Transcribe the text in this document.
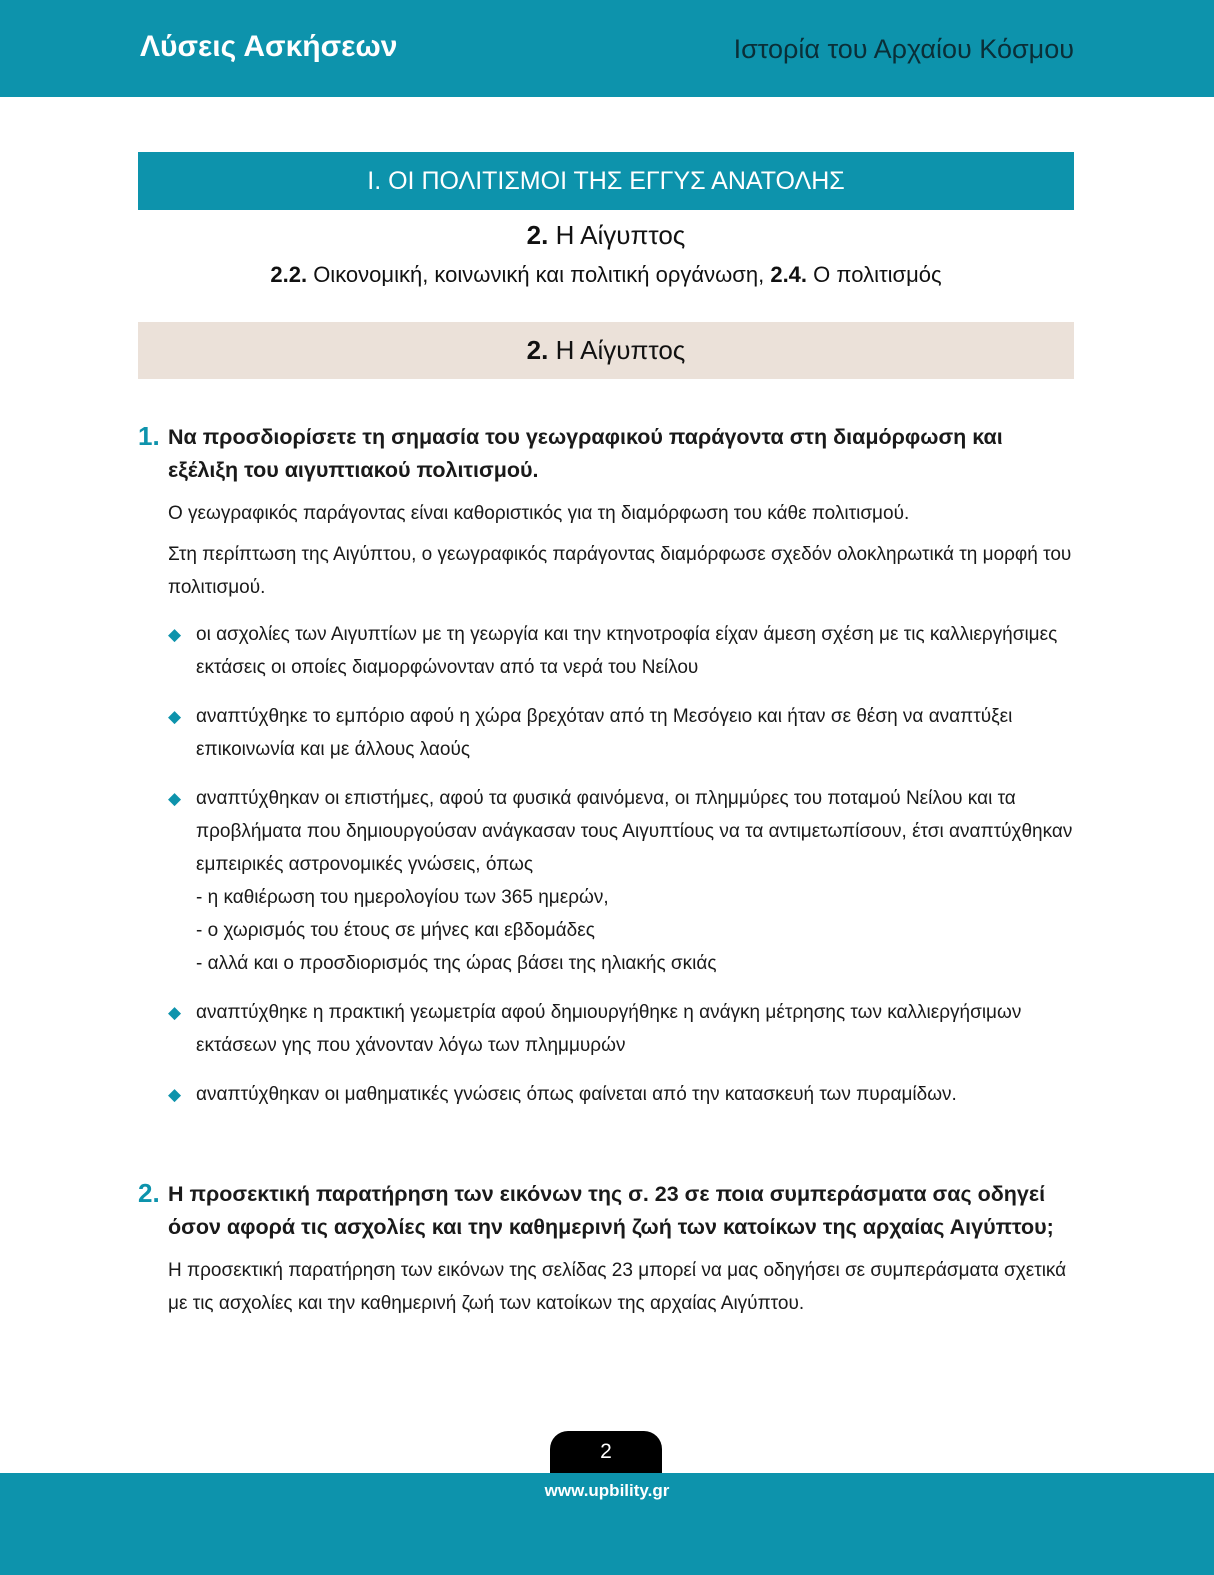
Λύσεις Ασκήσεων	Ιστορία του Αρχαίου Κόσμου
I. ΟΙ ΠΟΛΙΤΙΣΜΟΙ ΤΗΣ ΕΓΓΥΣ ΑΝΑΤΟΛΗΣ
2. Η Αίγυπτος
2.2. Οικονομική, κοινωνική και πολιτική οργάνωση, 2.4. Ο πολιτισμός
2.
Η Αίγυπτος
1. Να προσδιορίσετε τη σημασία του γεωγραφικού παράγοντα στη διαμόρφωση και εξέλιξη του αιγυπτιακού πολιτισμού.
Ο γεωγραφικός παράγοντας είναι καθοριστικός για τη διαμόρφωση του κάθε πολιτισμού.
Στη περίπτωση της Αιγύπτου, ο γεωγραφικός παράγοντας διαμόρφωσε σχεδόν ολοκληρωτικά τη μορφή του πολιτισμού.
◆ οι ασχολίες των Αιγυπτίων με τη γεωργία και την κτηνοτροφία είχαν άμεση σχέση με τις καλλιεργήσιμες εκτάσεις οι οποίες διαμορφώνονταν από τα νερά του Νείλου
◆ αναπτύχθηκε το εμπόριο αφού η χώρα βρεχόταν από τη Μεσόγειο και ήταν σε θέση να αναπτύξει επικοινωνία και με άλλους λαούς
◆ αναπτύχθηκαν οι επιστήμες, αφού τα φυσικά φαινόμενα, οι πλημμύρες του ποταμού Νείλου και τα προβλήματα που δημιουργούσαν ανάγκασαν τους Αιγυπτίους να τα αντιμετωπίσουν, έτσι αναπτύχθηκαν εμπειρικές αστρονομικές γνώσεις, όπως
- η καθιέρωση του ημερολογίου των 365 ημερών,
- ο χωρισμός του έτους σε μήνες και εβδομάδες
- αλλά και ο προσδιορισμός της ώρας βάσει της ηλιακής σκιάς
◆ αναπτύχθηκε η πρακτική γεωμετρία αφού δημιουργήθηκε η ανάγκη μέτρησης των καλλιεργήσιμων εκτάσεων γης που χάνονταν λόγω των πλημμυρών
◆ αναπτύχθηκαν οι μαθηματικές γνώσεις όπως φαίνεται από την κατασκευή των πυραμίδων.
2. Η προσεκτική παρατήρηση των εικόνων της σ. 23 σε ποια συμπεράσματα σας οδηγεί όσον αφορά τις ασχολίες και την καθημερινή ζωή των κατοίκων της αρχαίας Αιγύπτου;
Η προσεκτική παρατήρηση των εικόνων της σελίδας 23 μπορεί να μας οδηγήσει σε συμπεράσματα σχετικά με τις ασχολίες και την καθημερινή ζωή των κατοίκων της αρχαίας Αιγύπτου.
2
www.upbility.gr
